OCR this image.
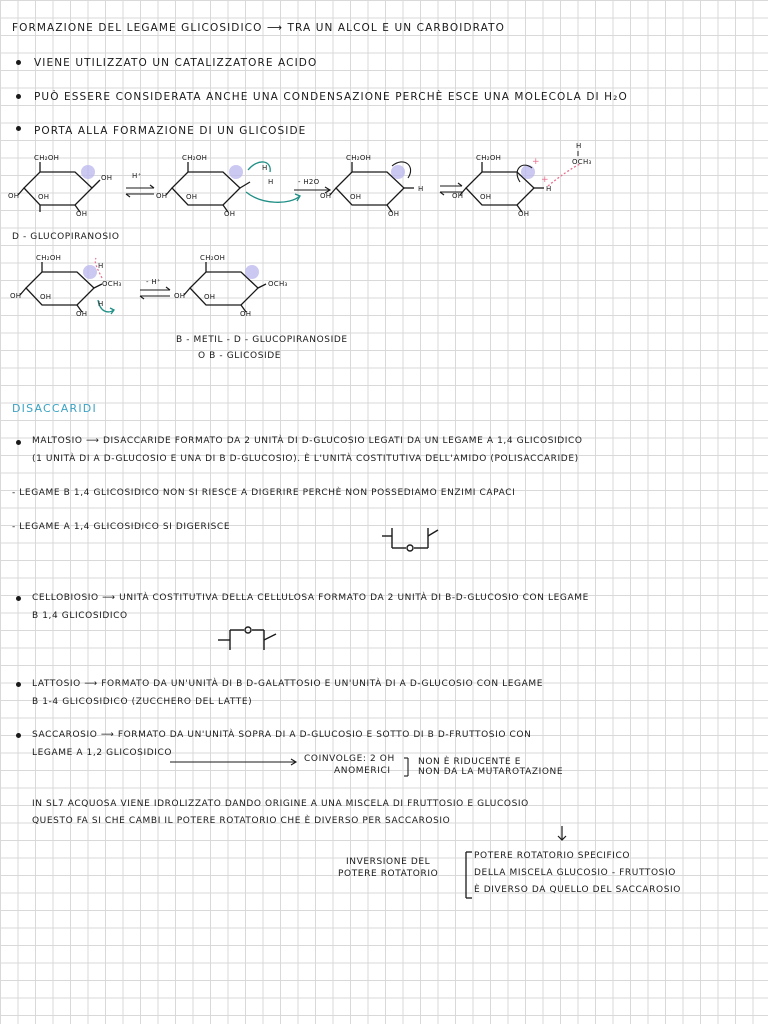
FORMAZIONE DEL LEGAME GLICOSIDICO ⟶ TRA UN ALCOL E UN CARBOIDRATO

VIENE UTILIZZATO UN CATALIZZATORE ACIDO

PUÒ ESSERE CONSIDERATA ANCHE UNA CONDENSAZIONE PERCHÈ ESCE UNA MOLECOLA DI H₂O

PORTA ALLA FORMAZIONE DI UN GLICOSIDE

CH₂OH
OH
OH	OH
OH
H⁺
CH₂OH
OH	OH
OH
H
H	- H2O
CH₂OH
OH	OH
OH
H
+
+
CH₂OH
OH OH
OH
H
H
OCH₃
CH₂OH
OH	OH
OH
H
OCH₃
H
- H⁺
CH₂OH
OH	OH
OH
OCH₃

D - GLUCOPIRANOSIO

Β - METIL - D - GLUCOPIRANOSIDE

O Β - GLICOSIDE

DISACCARIDI

MALTOSIO ⟶ DISACCARIDE FORMATO DA 2 UNITÀ DI D-GLUCOSIO LEGATI DA UN LEGAME Α 1,4 GLICOSIDICO

(1 UNITÀ DI Α D-GLUCOSIO E UNA DI Β D-GLUCOSIO). È L'UNITÀ COSTITUTIVA DELL'AMIDO (POLISACCARIDE)

- LEGAME Β 1,4 GLICOSIDICO NON SI RIESCE A DIGERIRE PERCHÈ NON POSSEDIAMO ENZIMI CAPACI

- LEGAME Α 1,4 GLICOSIDICO SI DIGERISCE

CELLOBIOSIO ⟶ UNITÀ COSTITUTIVA DELLA CELLULOSA FORMATO DA 2 UNITÀ DI Β-D-GLUCOSIO CON LEGAME

Β 1,4 GLICOSIDICO

LATTOSIO ⟶ FORMATO DA UN'UNITÀ DI Β D-GALATTOSIO E UN'UNITÀ DI Α D-GLUCOSIO CON LEGAME

Β 1-4 GLICOSIDICO (ZUCCHERO DEL LATTE)

SACCAROSIO ⟶ FORMATO DA UN'UNITÀ SOPRA DI Α D-GLUCOSIO E SOTTO DI Β D-FRUTTOSIO CON

LEGAME Α 1,2 GLICOSIDICO

COINVOLGE: 2 OH

ANOMERICI

NON È RIDUCENTE E

NON DA LA MUTAROTAZIONE

IN SL7 ACQUOSA VIENE IDROLIZZATO DANDO ORIGINE A UNA MISCELA DI FRUTTOSIO E GLUCOSIO

QUESTO FA SI CHE CAMBI IL POTERE ROTATORIO CHE È DIVERSO PER SACCAROSIO

INVERSIONE DEL

POTERE ROTATORIO

POTERE ROTATORIO SPECIFICO

DELLA MISCELA GLUCOSIO - FRUTTOSIO

È DIVERSO DA QUELLO DEL SACCAROSIO
